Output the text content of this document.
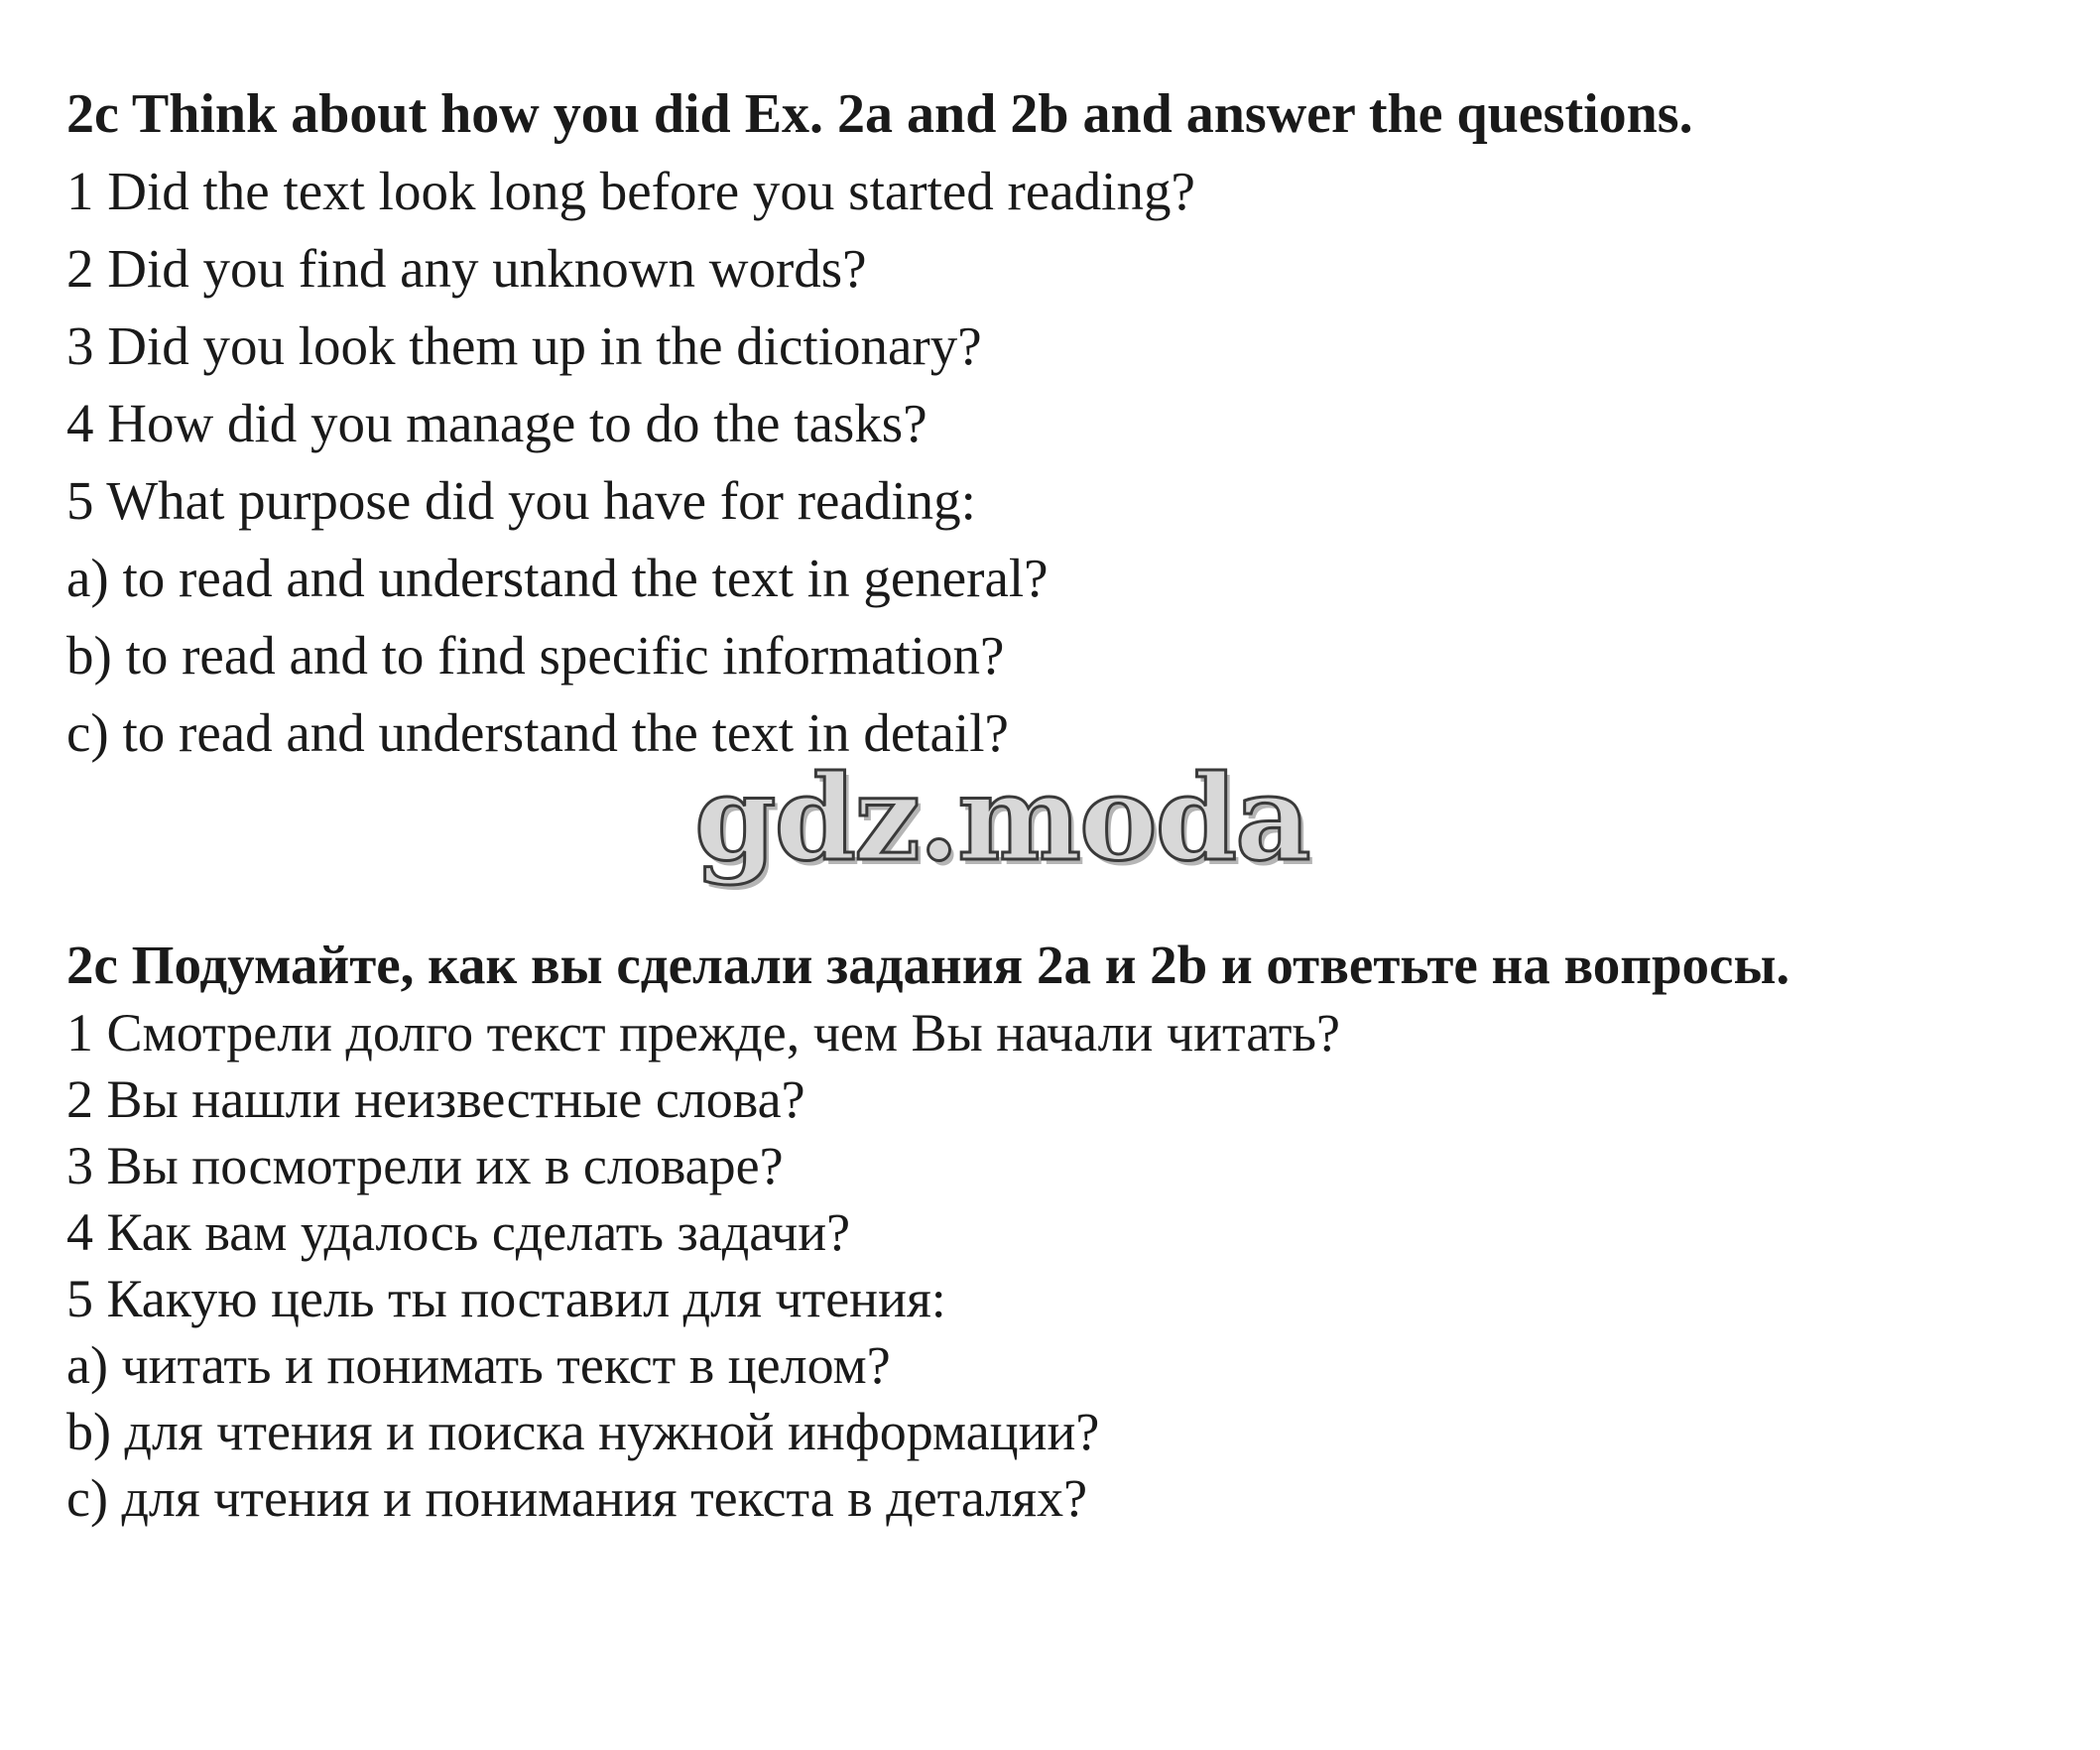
2c Think about how you did Ex. 2a and 2b and answer the questions.
1 Did the text look long before you started reading?
2 Did you find any unknown words?
3 Did you look them up in the dictionary?
4 How did you manage to do the tasks?
5 What purpose did you have for reading:
a) to read and understand the text in general?
b) to read and to find specific information?
c) to read and understand the text in detail?
gdz.moda
2c Подумайте, как вы сделали задания 2a и 2b и ответьте на вопросы.
1 Смотрели долго текст прежде, чем Вы начали читать?
2 Вы нашли неизвестные слова?
3 Вы посмотрели их в словаре?
4 Как вам удалось сделать задачи?
5 Какую цель ты поставил для чтения:
a) читать и понимать текст в целом?
b) для чтения и поиска нужной информации?
c) для чтения и понимания текста в деталях?
